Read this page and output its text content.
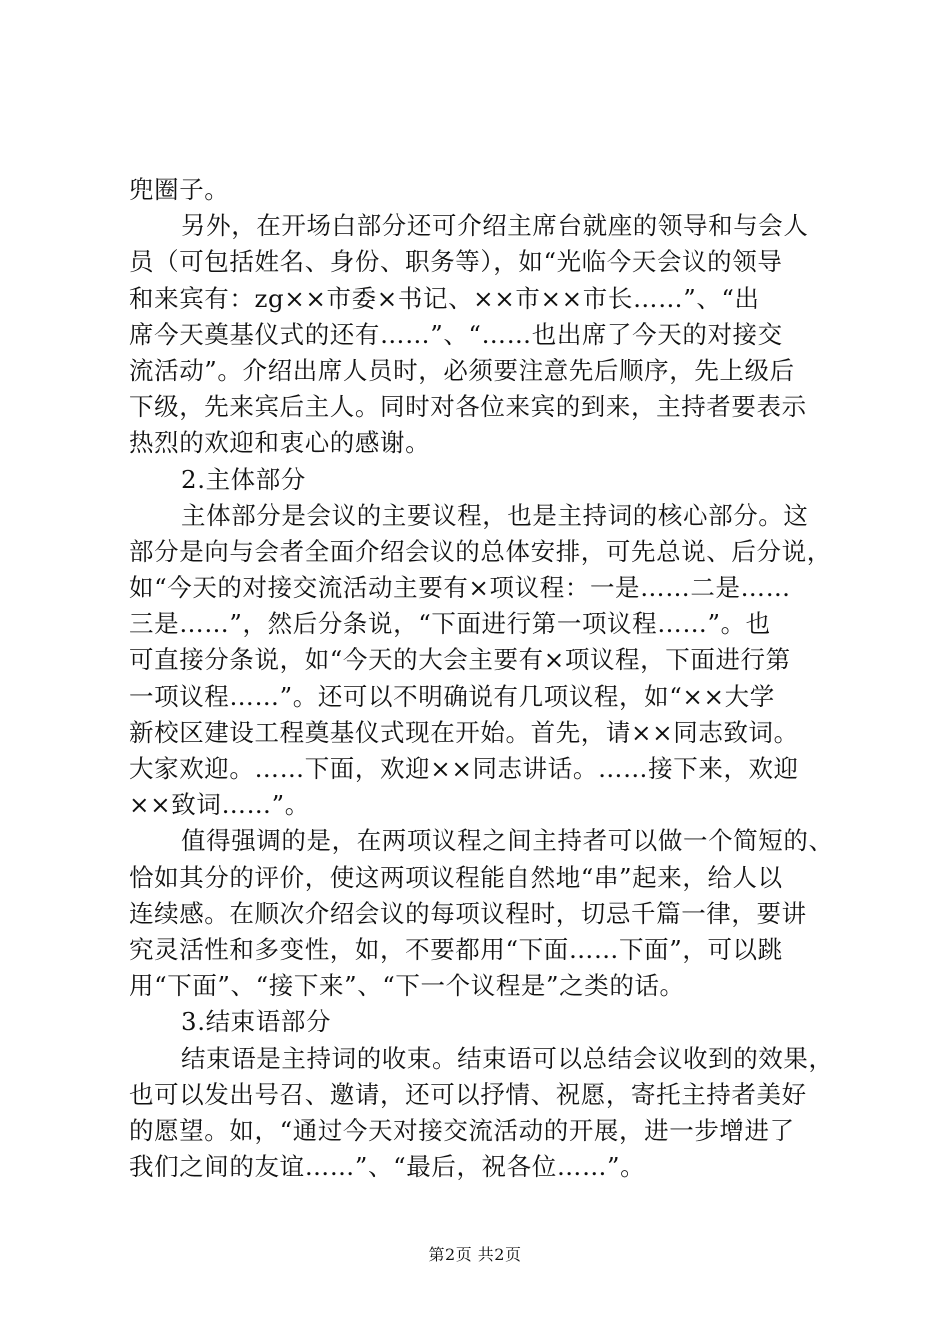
兜圈子。
另外，在开场白部分还可介绍主席台就座的领导和与会人
员（可包括姓名、身份、职务等），如“光临今天会议的领导
和来宾有：zg××市委×书记、××市××市长……”、“出
席今天奠基仪式的还有……”、“……也出席了今天的对接交
流活动”。介绍出席人员时，必须要注意先后顺序，先上级后
下级，先来宾后主人。同时对各位来宾的到来，主持者要表示
热烈的欢迎和衷心的感谢。
2.主体部分
主体部分是会议的主要议程，也是主持词的核心部分。这
部分是向与会者全面介绍会议的总体安排，可先总说、后分说，
如“今天的对接交流活动主要有×项议程：一是……二是……
三是……”，然后分条说，“下面进行第一项议程……”。也
可直接分条说，如“今天的大会主要有×项议程，下面进行第
一项议程……”。还可以不明确说有几项议程，如“××大学
新校区建设工程奠基仪式现在开始。首先，请××同志致词。
大家欢迎。……下面，欢迎××同志讲话。……接下来，欢迎
××致词……”。
值得强调的是，在两项议程之间主持者可以做一个简短的、
恰如其分的评价，使这两项议程能自然地“串”起来，给人以
连续感。在顺次介绍会议的每项议程时，切忌千篇一律，要讲
究灵活性和多变性，如，不要都用“下面……下面”，可以跳
用“下面”、“接下来”、“下一个议程是”之类的话。
3.结束语部分
结束语是主持词的收束。结束语可以总结会议收到的效果，
也可以发出号召、邀请，还可以抒情、祝愿，寄托主持者美好
的愿望。如，“通过今天对接交流活动的开展，进一步增进了
我们之间的友谊……”、“最后，祝各位……”。
第2页 共2页
